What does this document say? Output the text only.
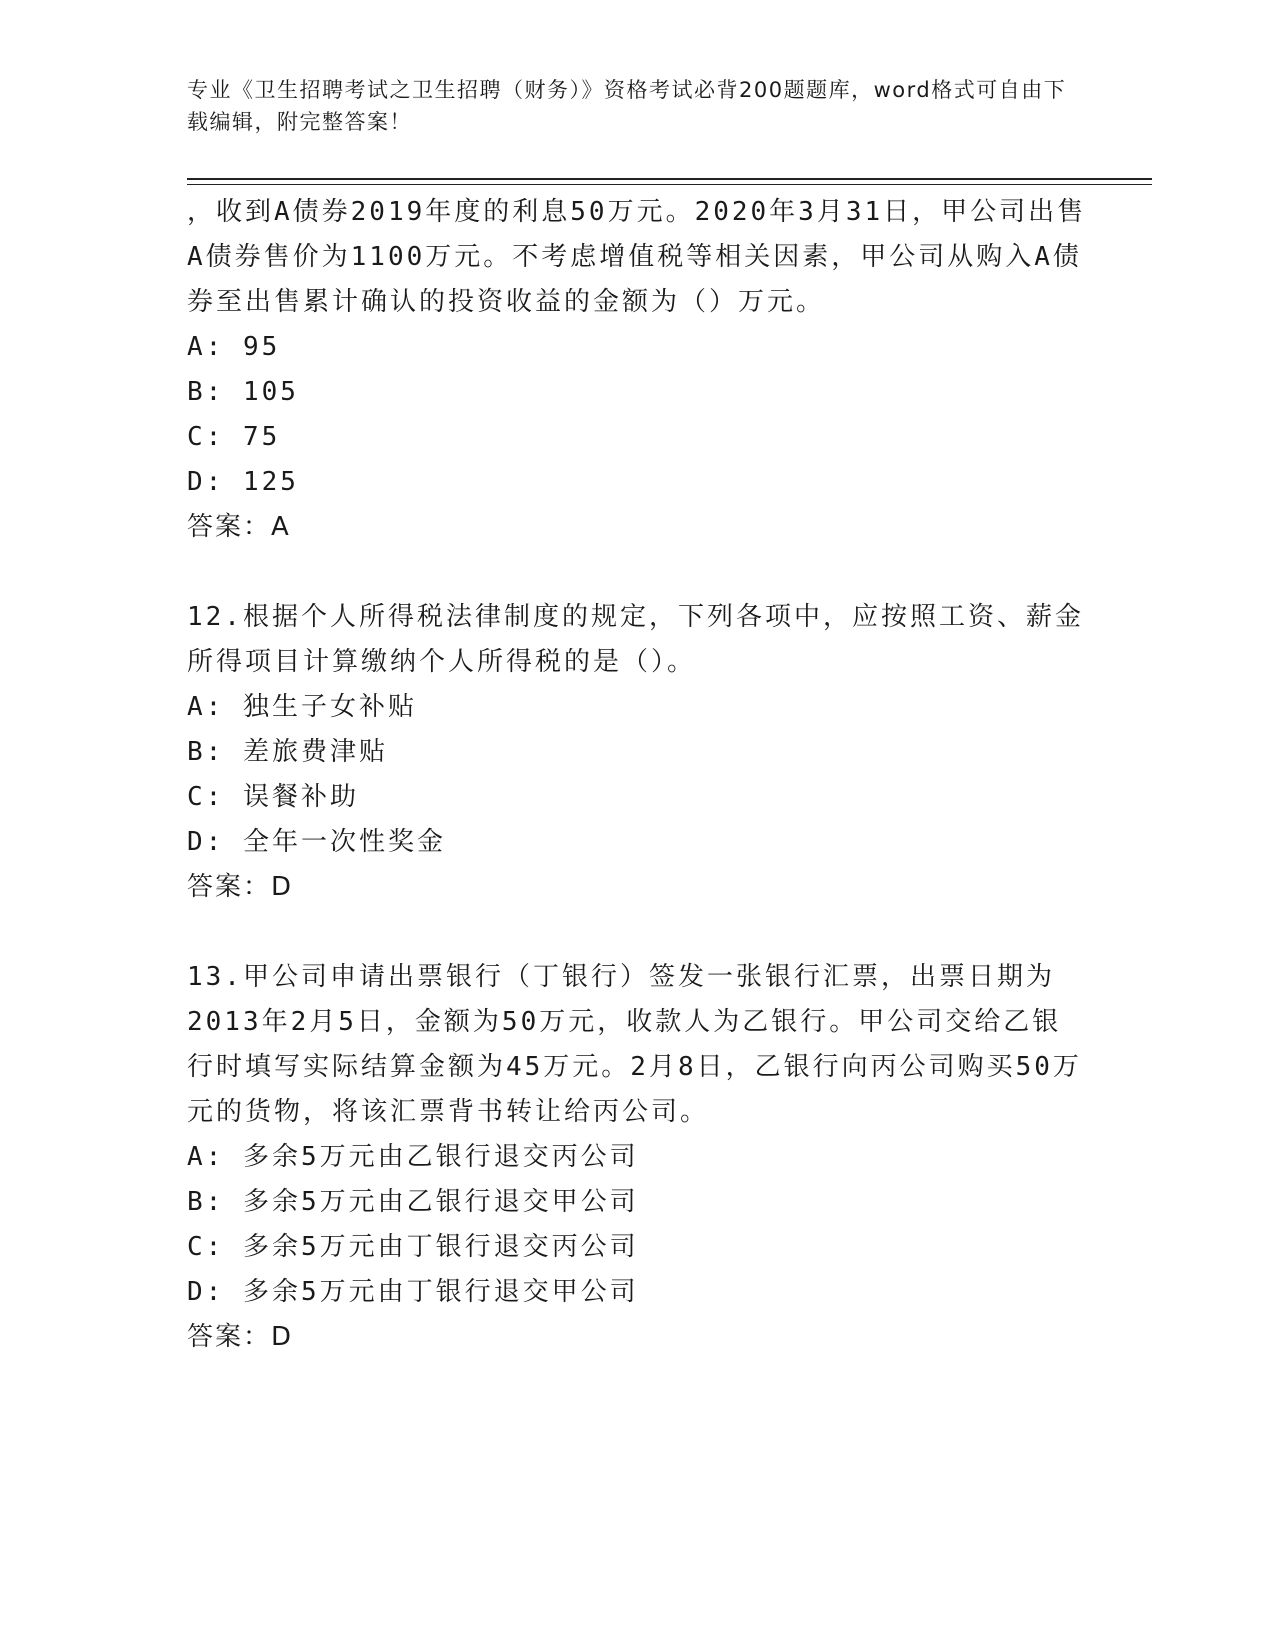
专业《卫生招聘考试之卫生招聘（财务）》资格考试必背200题题库，word格式可自由下载编辑，附完整答案！

，收到A债券2019年度的利息50万元。2020年3月31日，甲公司出售A债券售价为1100万元。不考虑增值税等相关因素，甲公司从购入A债券至出售累计确认的投资收益的金额为（）万元。

A: 95

B: 105

C: 75

D: 125

答案：A

12.根据个人所得税法律制度的规定，下列各项中，应按照工资、薪金所得项目计算缴纳个人所得税的是（）。

A: 独生子女补贴

B: 差旅费津贴

C: 误餐补助

D: 全年一次性奖金

答案：D

13.甲公司申请出票银行（丁银行）签发一张银行汇票，出票日期为2013年2月5日，金额为50万元，收款人为乙银行。甲公司交给乙银行时填写实际结算金额为45万元。2月8日，乙银行向丙公司购买50万元的货物，将该汇票背书转让给丙公司。

A: 多余5万元由乙银行退交丙公司

B: 多余5万元由乙银行退交甲公司

C: 多余5万元由丁银行退交丙公司

D: 多余5万元由丁银行退交甲公司

答案：D
